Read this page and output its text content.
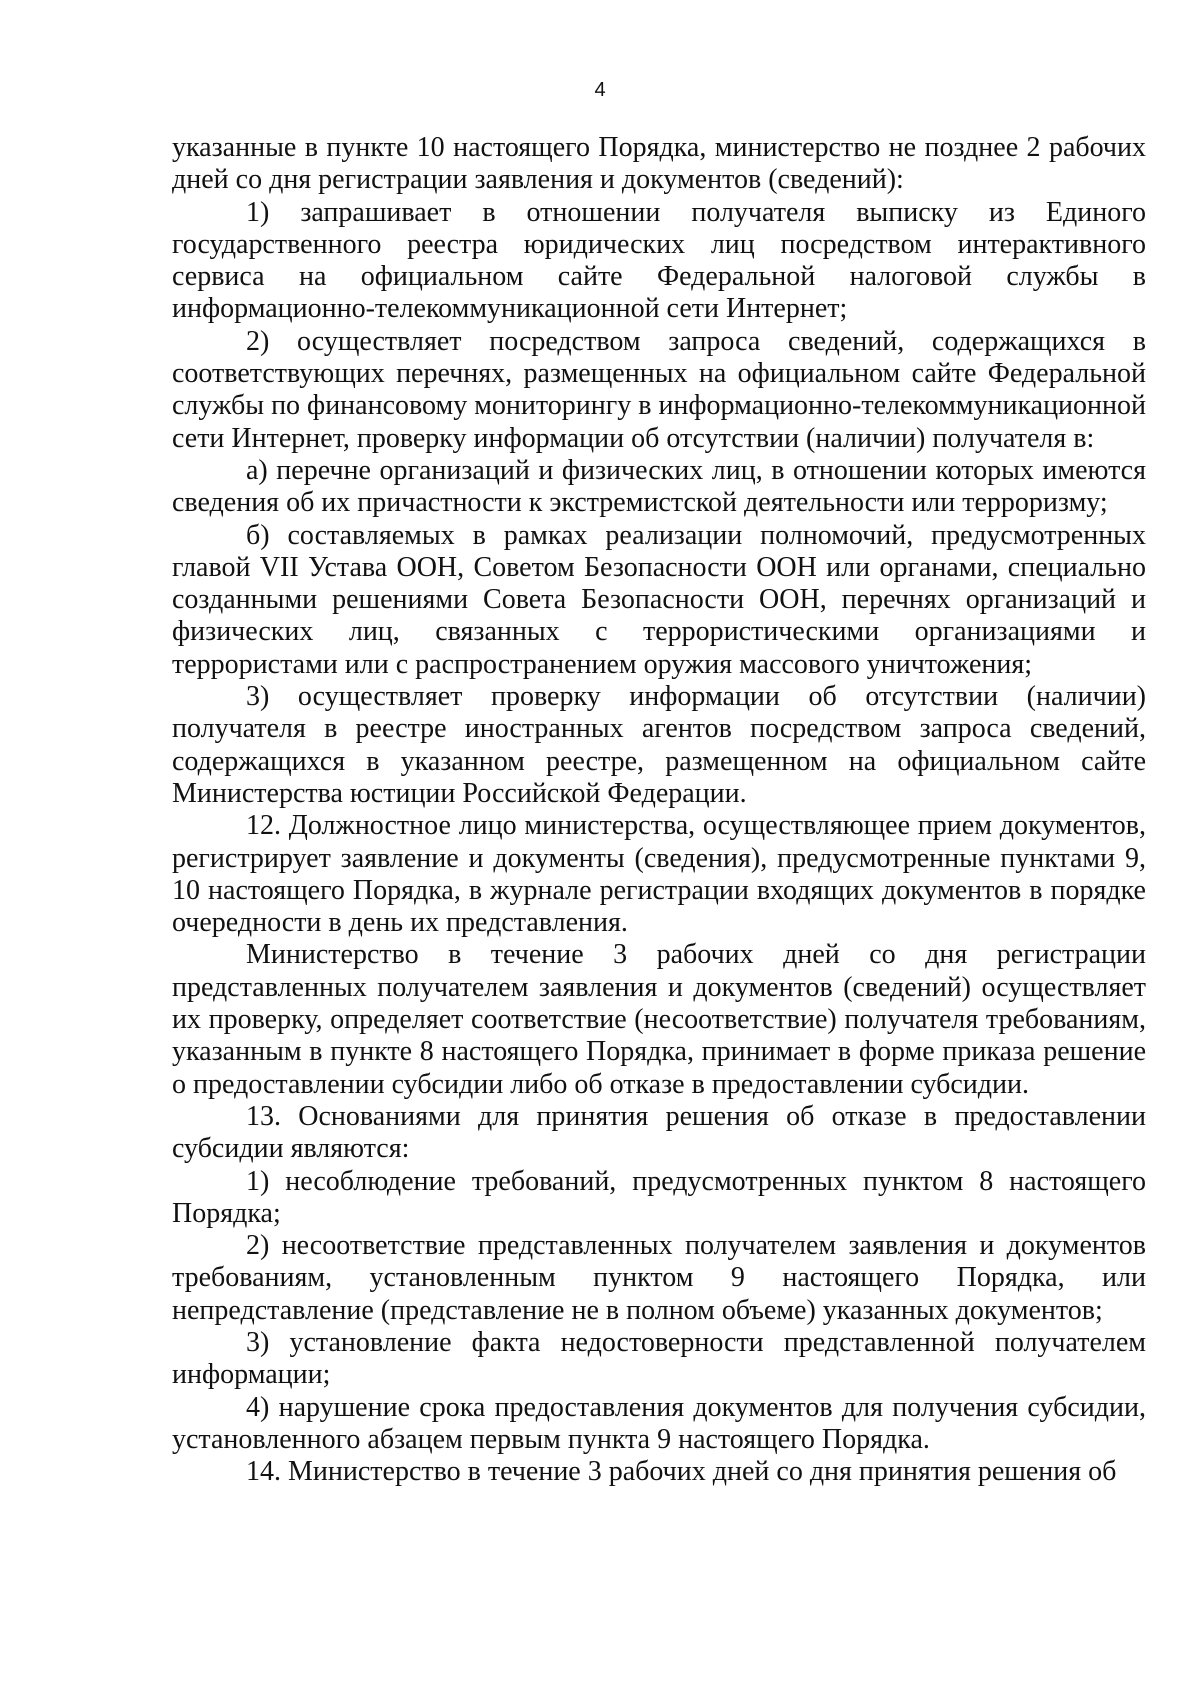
4

указанные в пункте 10 настоящего Порядка, министерство не позднее 2 рабочих дней со дня регистрации заявления и документов (сведений):

1) запрашивает в отношении получателя выписку из Единого государственного реестра юридических лиц посредством интерактивного сервиса на официальном сайте Федеральной налоговой службы в информационно-телекоммуникационной сети Интернет;

2) осуществляет посредством запроса сведений, содержащихся в соответствующих перечнях, размещенных на официальном сайте Федеральной службы по финансовому мониторингу в информационно-телекоммуникационной сети Интернет, проверку информации об отсутствии (наличии) получателя в:

а) перечне организаций и физических лиц, в отношении которых имеются сведения об их причастности к экстремистской деятельности или терроризму;

б) составляемых в рамках реализации полномочий, предусмотренных главой VII Устава ООН, Советом Безопасности ООН или органами, специально созданными решениями Совета Безопасности ООН, перечнях организаций и физических лиц, связанных с террористическими организациями и террористами или с распространением оружия массового уничтожения;

3) осуществляет проверку информации об отсутствии (наличии) получателя в реестре иностранных агентов посредством запроса сведений, содержащихся в указанном реестре, размещенном на официальном сайте Министерства юстиции Российской Федерации.

12. Должностное лицо министерства, осуществляющее прием документов, регистрирует заявление и документы (сведения), предусмотренные пунктами 9, 10 настоящего Порядка, в журнале регистрации входящих документов в порядке очередности в день их представления.

Министерство в течение 3 рабочих дней со дня регистрации представленных получателем заявления и документов (сведений) осуществляет их проверку, определяет соответствие (несоответствие) получателя требованиям, указанным в пункте 8 настоящего Порядка, принимает в форме приказа решение о предоставлении субсидии либо об отказе в предоставлении субсидии.

13. Основаниями для принятия решения об отказе в предоставлении субсидии являются:

1) несоблюдение требований, предусмотренных пунктом 8 настоящего Порядка;

2) несоответствие представленных получателем заявления и документов требованиям, установленным пунктом 9 настоящего Порядка, или непредставление (представление не в полном объеме) указанных документов;

3) установление факта недостоверности представленной получателем информации;

4) нарушение срока предоставления документов для получения субсидии, установленного абзацем первым пункта 9 настоящего Порядка.

14. Министерство в течение 3 рабочих дней со дня принятия решения об
